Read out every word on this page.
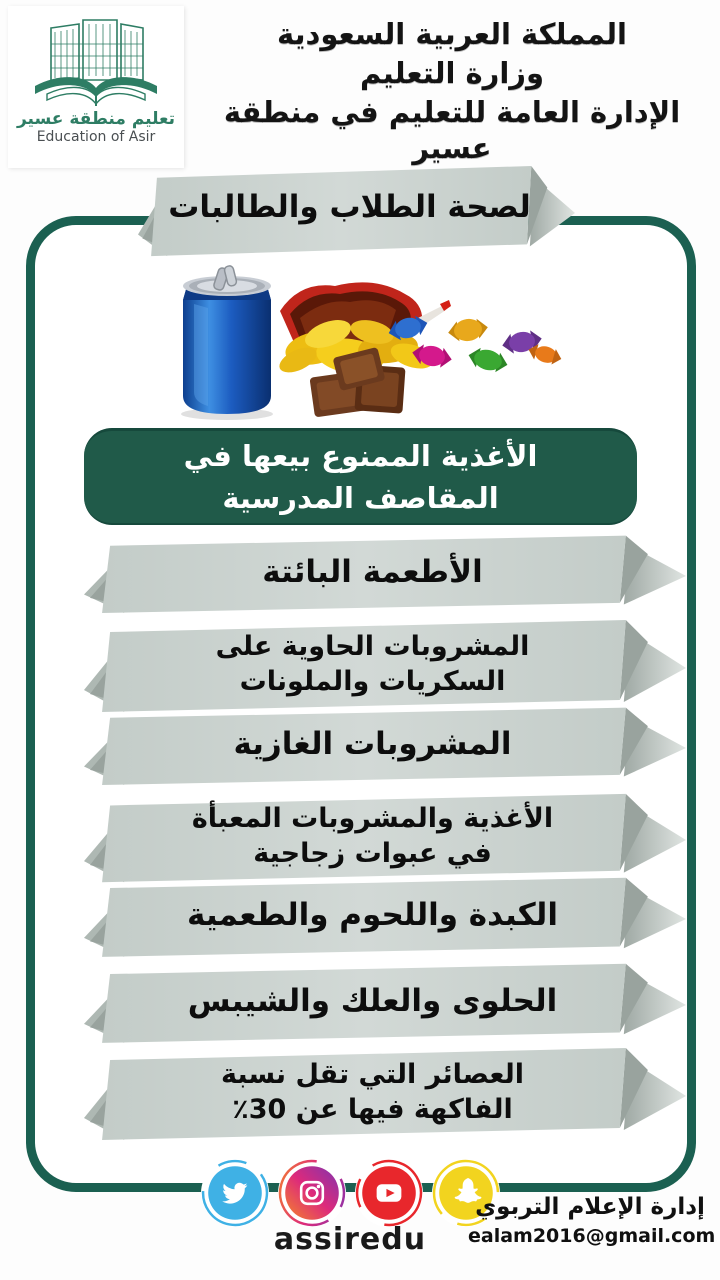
تعليم منطقة عسير
Education of Asir
المملكة العربية السعودية
وزارة التعليم
الإدارة العامة للتعليم في منطقة عسير
لصحة الطلاب والطالبات
الأغذية الممنوع بيعها في
المقاصف المدرسية
الأطعمة البائتة
المشروبات الحاوية على
السكريات والملونات
المشروبات الغازية
الأغذية والمشروبات المعبأة
في عبوات زجاجية
الكبدة واللحوم والطعمية
الحلوى والعلك والشيبس
العصائر التي تقل نسبة
الفاكهة فيها عن 30٪
assiredu
إدارة الإعلام التربوي
ealam2016@gmail.com
